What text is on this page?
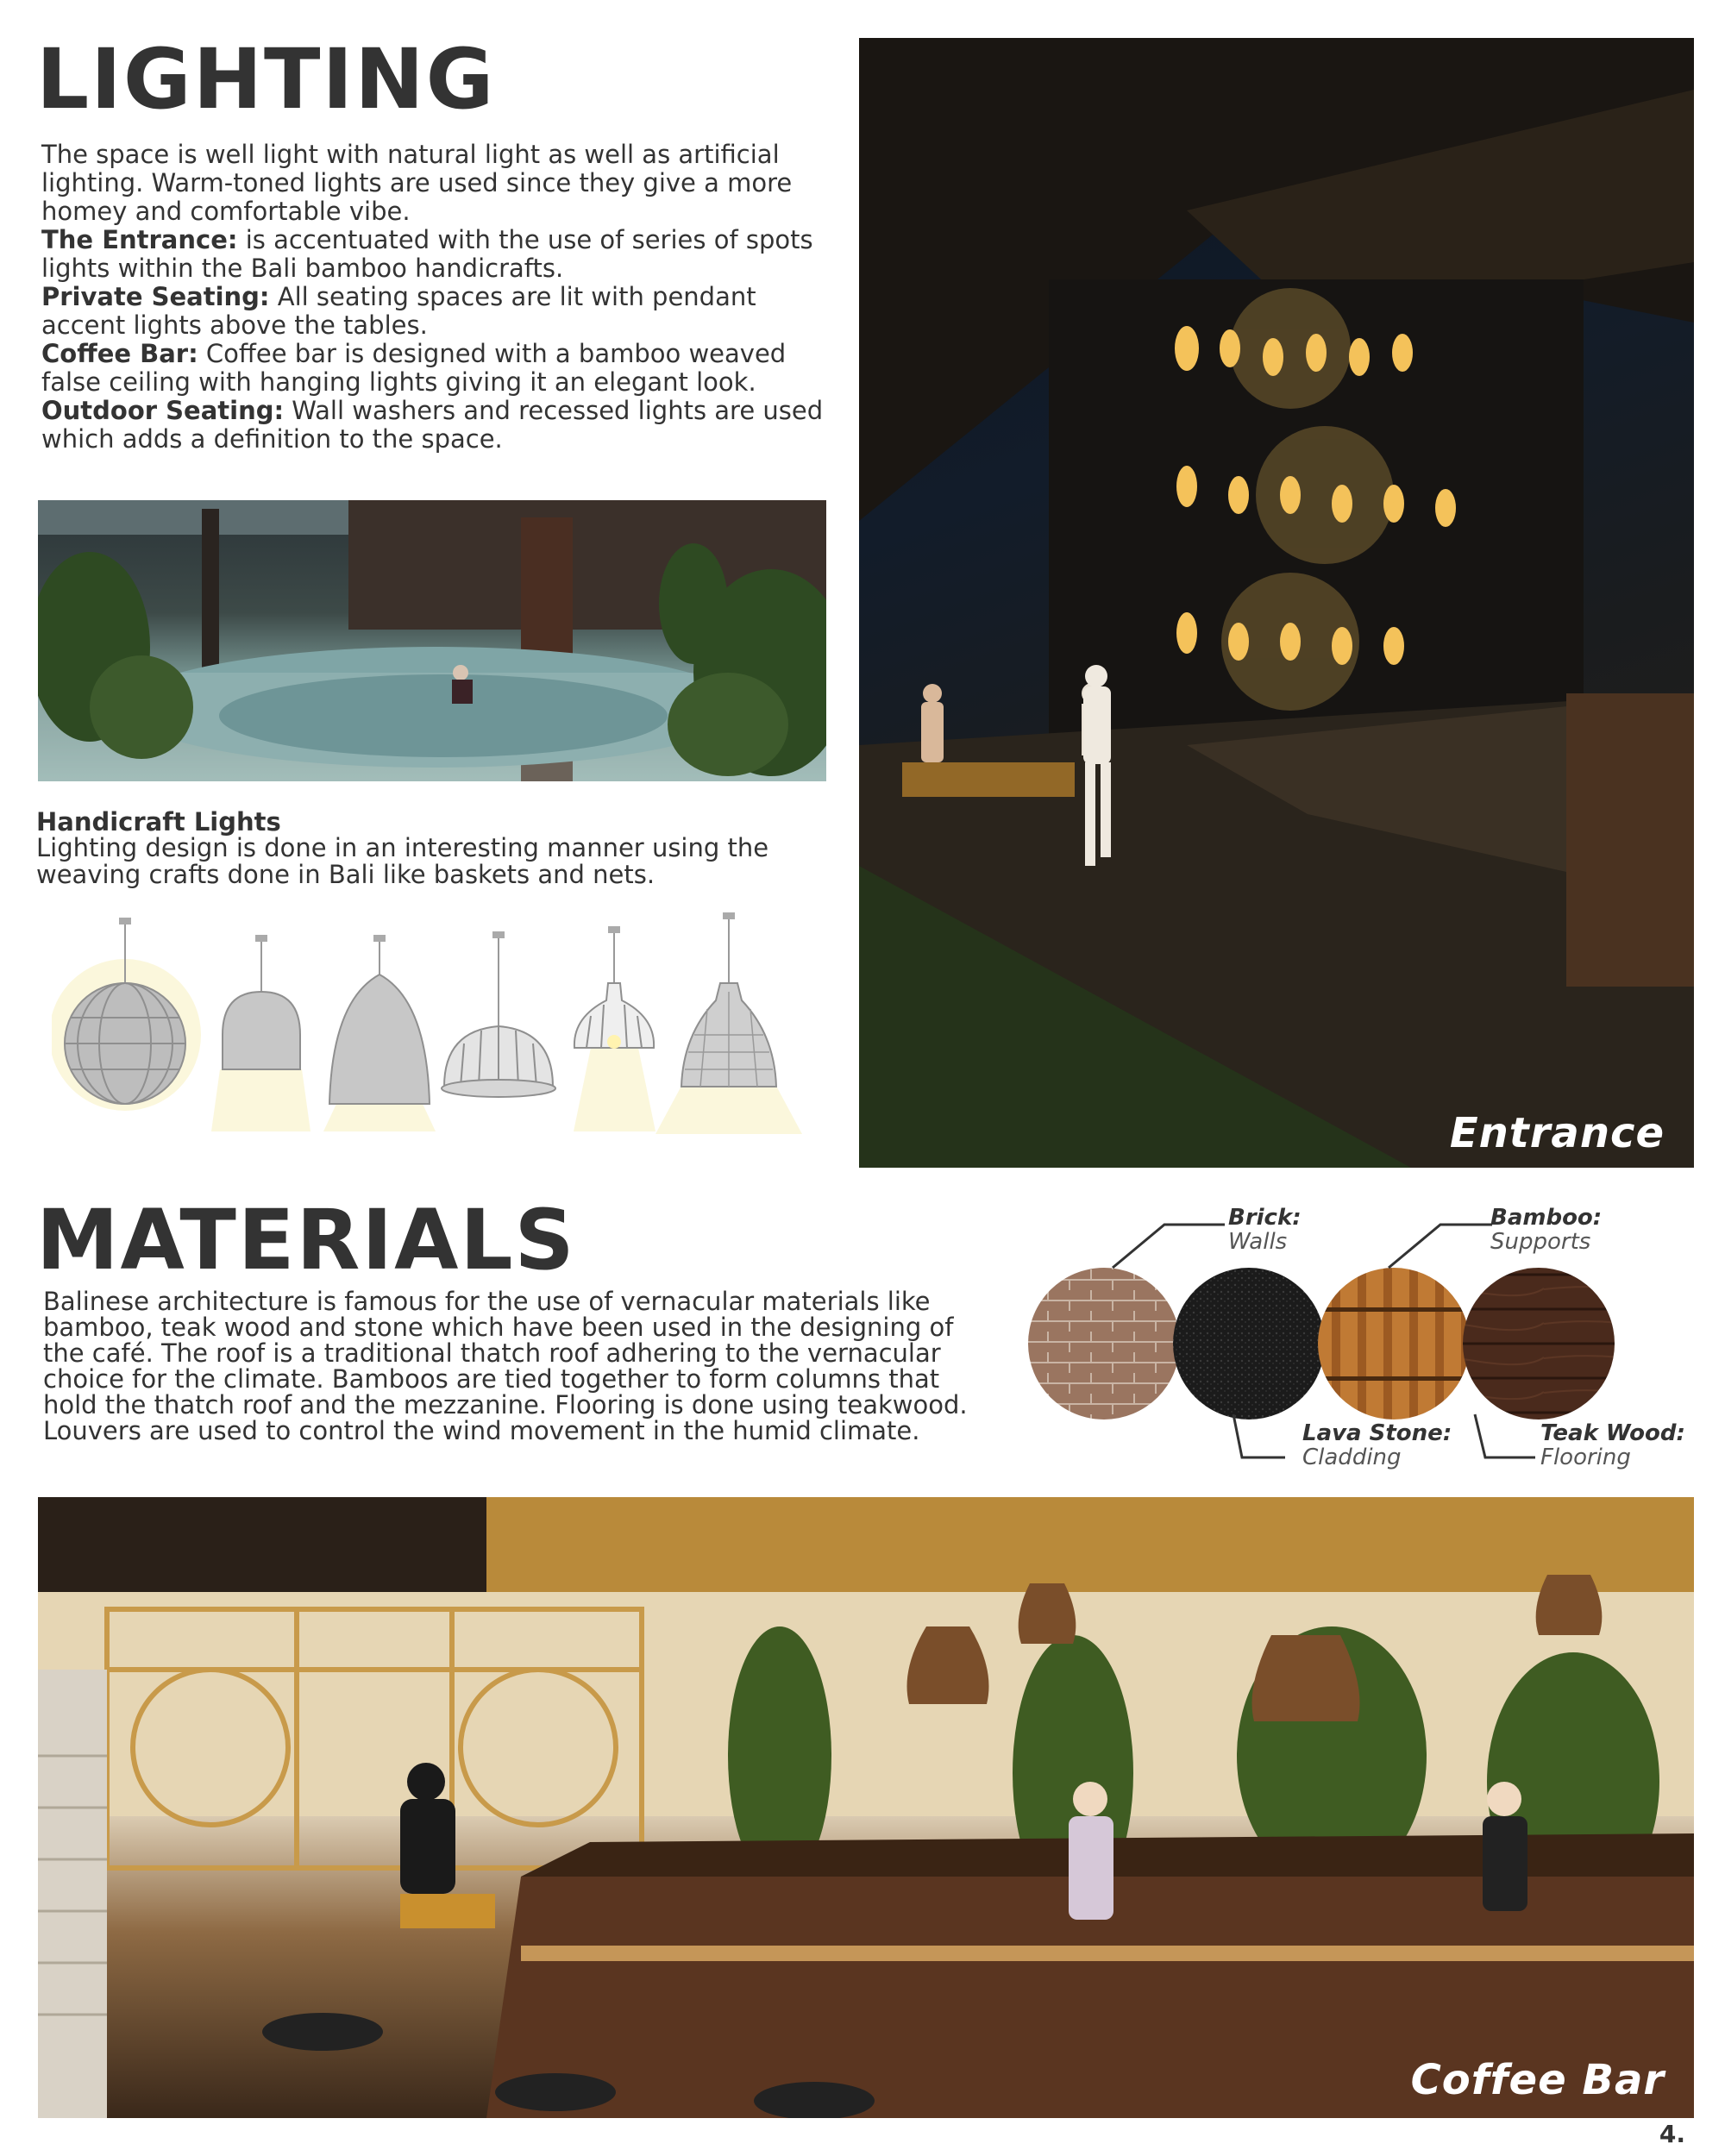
LIGHTING
The space is well light with natural light as well as artificial lighting. Warm-toned lights are used since they give a more homey and comfortable vibe.
The Entrance: is accentuated with the use of series of spots lights within the Bali bamboo handicrafts.
Private Seating: All seating spaces are lit with pendant accent lights above the tables.
Coffee Bar: Coffee bar is designed with a bamboo weaved false ceiling with hanging lights giving it an elegant look.
Outdoor Seating: Wall washers and recessed lights are used which adds a definition to the space.
Handicraft Lights
Lighting design is done in an interesting manner using the weaving crafts done in Bali like baskets and nets.
Entrance
MATERIALS
Balinese architecture is famous for the use of vernacular materials like bamboo, teak wood and stone which have been used in the designing of the café. The roof is a traditional thatch roof adhering to the vernacular choice for the climate. Bamboos are tied together to form columns that hold the thatch roof and the mezzanine. Flooring is done using teakwood. Louvers are used to control the wind movement in the humid climate.
Brick:
Walls
Lava Stone:
Cladding
Bamboo:
Supports
Teak Wood:
Flooring
Coffee Bar
4.
